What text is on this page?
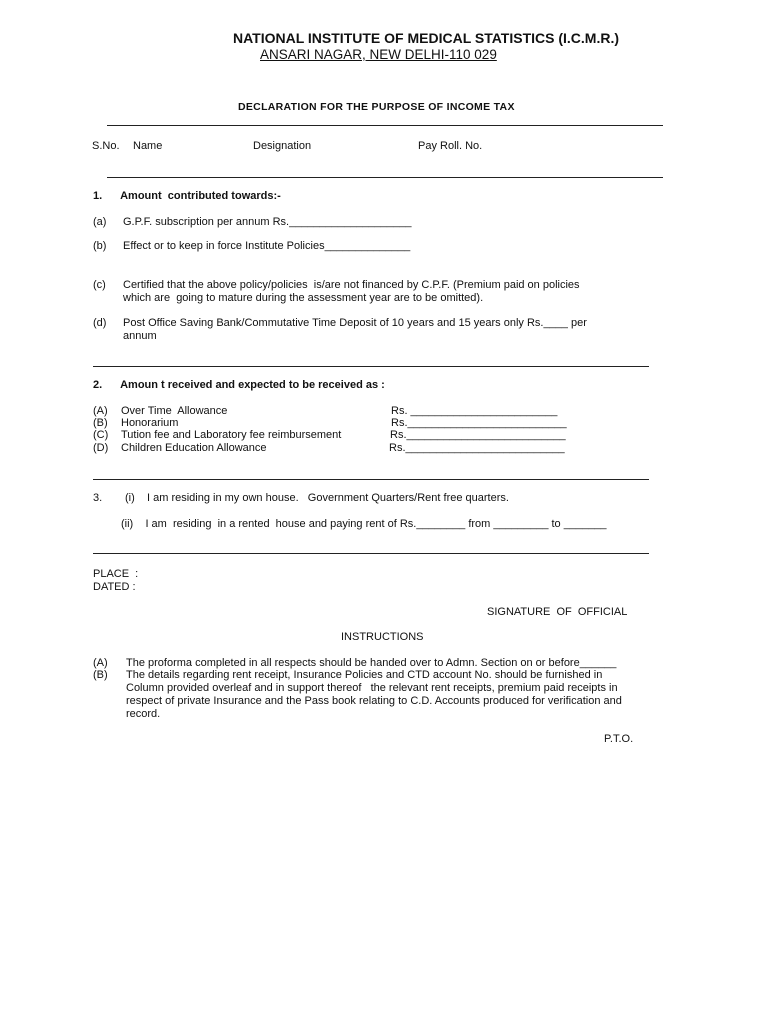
NATIONAL INSTITUTE OF MEDICAL STATISTICS (I.C.M.R.)
ANSARI NAGAR, NEW DELHI-110 029
DECLARATION FOR THE PURPOSE OF INCOME TAX
S.No. Name	Designation	Pay Roll. No.
1.      Amount  contributed towards:-
(a) G.P.F. subscription per annum Rs.____________________
(b) Effect or to keep in force Institute Policies______________
(c) Certified that the above policy/policies  is/are not financed by C.P.F. (Premium paid on policies
which are  going to mature during the assessment year are to be omitted).
(d) Post Office Saving Bank/Commutative Time Deposit of 10 years and 15 years only Rs.____ per
annum
2.      Amoun t received and expected to be received as :
(A) Over Time  Allowance	Rs. ________________________
(B) Honorarium	Rs.__________________________
(C) Tution fee and Laboratory fee reimbursement	Rs.__________________________
(D) Children Education Allowance	Rs.__________________________
3. (i)    I am residing in my own house.   Government Quarters/Rent free quarters.
(ii)    I am  residing  in a rented  house and paying rent of Rs.________ from _________ to _______
PLACE  :
DATED :
SIGNATURE  OF  OFFICIAL
INSTRUCTIONS
(A) The proforma completed in all respects should be handed over to Admn. Section on or before______
(B) The details regarding rent receipt, Insurance Policies and CTD account No. should be furnished in
Column provided overleaf and in support thereof   the relevant rent receipts, premium paid receipts in
respect of private Insurance and the Pass book relating to C.D. Accounts produced for verification and
record.
P.T.O.
